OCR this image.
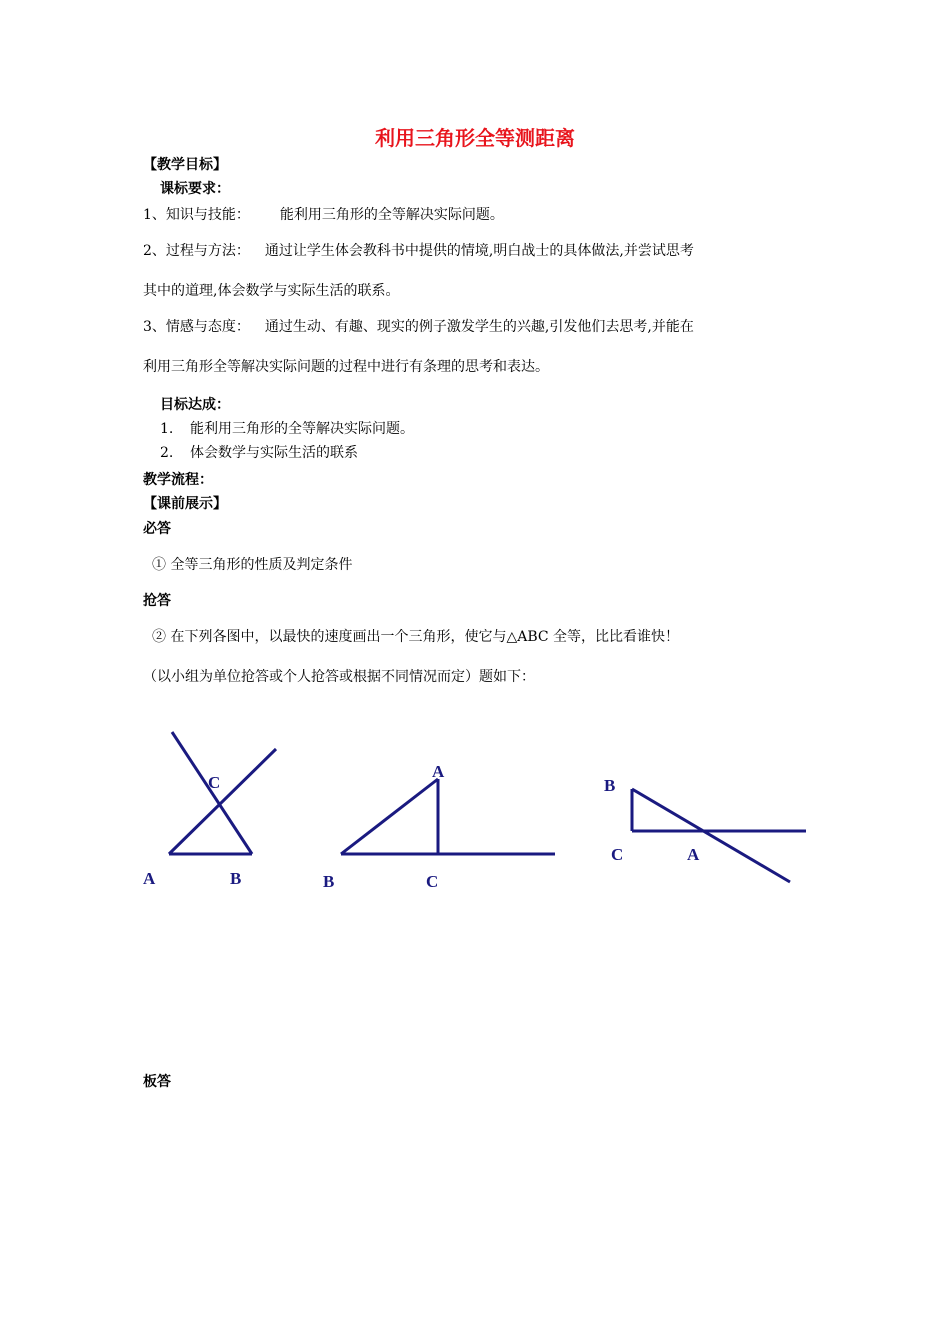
利用三角形全等测距离
【教学目标】
课标要求：
1、知识与技能： 能利用三角形的全等解决实际问题。
2、过程与方法： 通过让学生体会教科书中提供的情境,明白战士的具体做法,并尝试思考
其中的道理,体会数学与实际生活的联系。
3、情感与态度： 通过生动、有趣、现实的例子激发学生的兴趣,引发他们去思考,并能在
利用三角形全等解决实际问题的过程中进行有条理的思考和表达。
目标达成：
1. 能利用三角形的全等解决实际问题。
2. 体会数学与实际生活的联系
教学流程：
【课前展示】
必答
① 全等三角形的性质及判定条件
抢答
② 在下列各图中，以最快的速度画出一个三角形，使它与△ABC 全等，比比看谁快！
（以小组为单位抢答或个人抢答或根据不同情况而定）题如下：
C
A	B
A
B	C
B
C	A
板答
